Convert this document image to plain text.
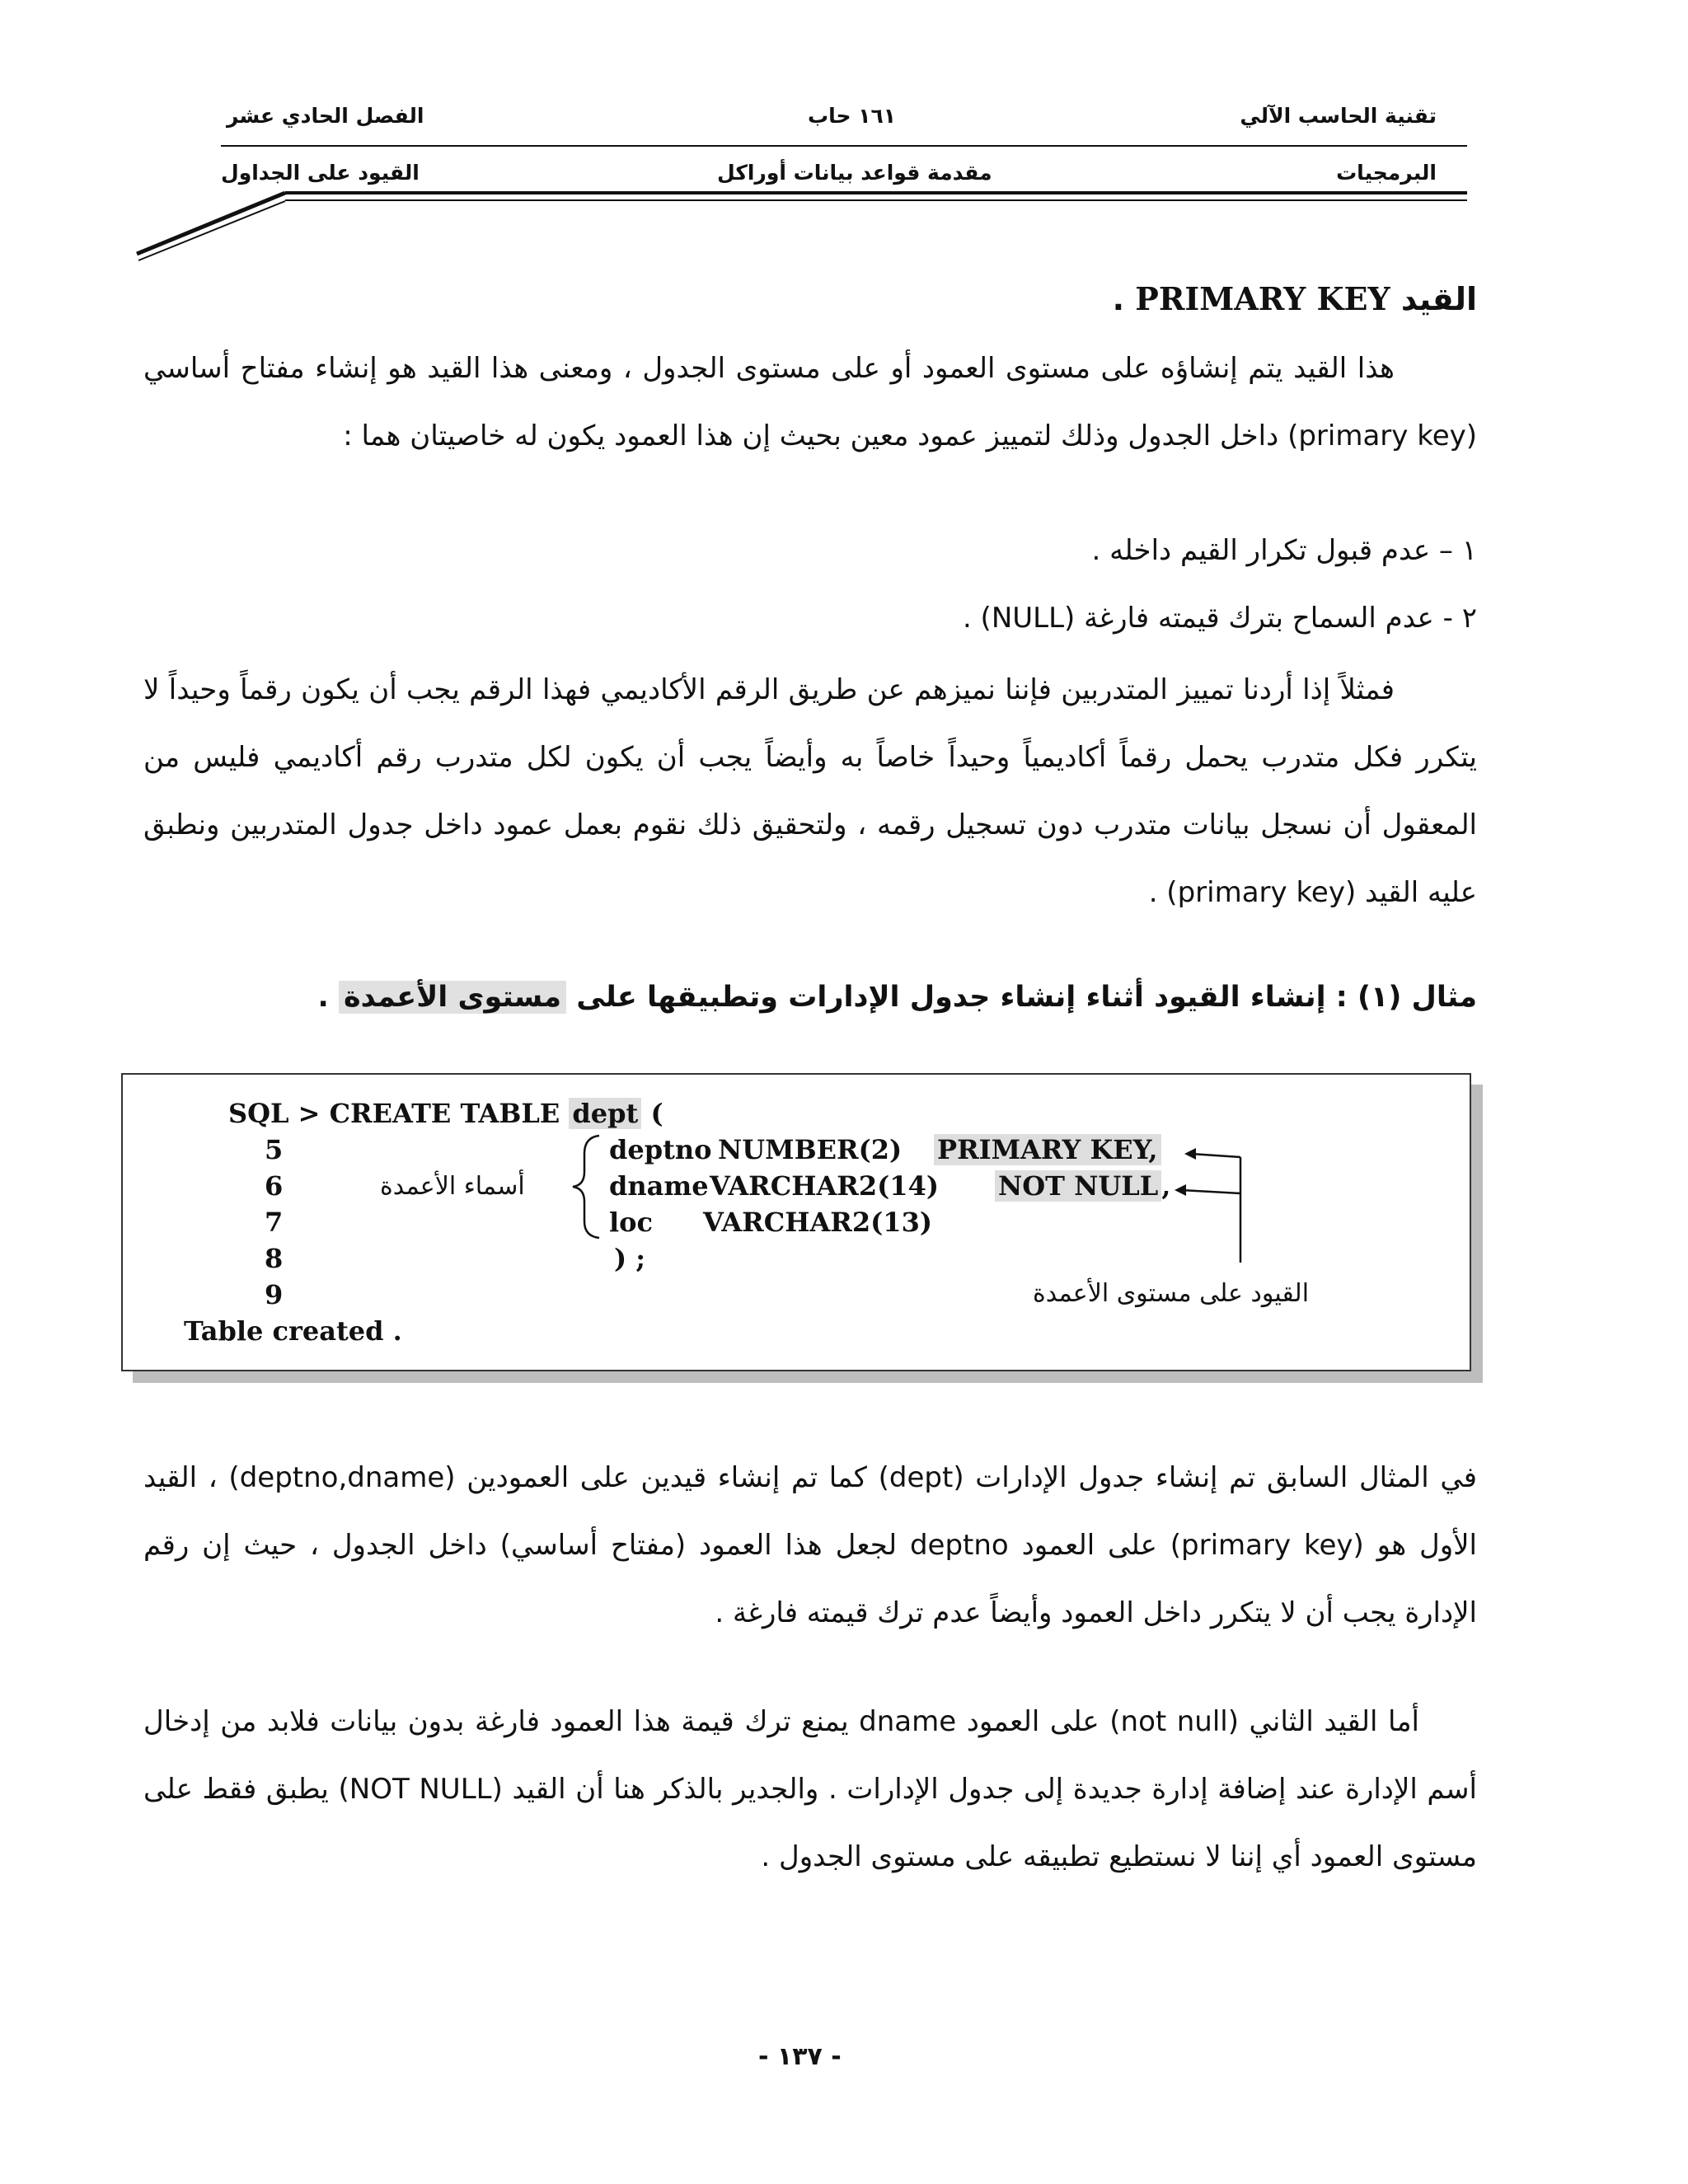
تقنية الحاسب الآلي
البرمجيات
١٦١ حاب
مقدمة قواعد بيانات أوراكل
الفصل الحادي عشر
القيود على الجداول
القيد PRIMARY KEY .
هذا القيد يتم إنشاؤه على مستوى العمود أو على مستوى الجدول ، ومعنى هذا القيد هو إنشاء مفتاح أساسي (primary key) داخل الجدول وذلك لتمييز عمود معين بحيث إن هذا العمود يكون له خاصيتان هما :
١ – عدم قبول تكرار القيم داخله .
٢ - عدم السماح بترك قيمته فارغة (NULL) .
فمثلاً إذا أردنا تمييز المتدربين فإننا نميزهم عن طريق الرقم الأكاديمي فهذا الرقم يجب أن يكون رقماً وحيداً لا يتكرر فكل متدرب يحمل رقماً أكاديمياً وحيداً خاصاً به وأيضاً يجب أن يكون لكل متدرب رقم أكاديمي فليس من المعقول أن نسجل بيانات متدرب دون تسجيل رقمه ، ولتحقيق ذلك نقوم بعمل عمود داخل جدول المتدربين ونطبق عليه القيد (primary key) .
مثال (١) : إنشاء القيود أثناء إنشاء جدول الإدارات وتطبيقها على مستوى الأعمدة .
SQL > CREATE TABLE dept (
5
6
7
8
9
deptno NUMBER(2) PRIMARY KEY,
dname VARCHAR2(14) NOT NULL ,
loc VARCHAR2(13)
) ;
Table created .
أسماء الأعمدة
القيود على مستوى الأعمدة
في المثال السابق تم إنشاء جدول الإدارات (dept) كما تم إنشاء قيدين على العمودين (deptno,dname) ، القيد الأول هو (primary key) على العمود deptno لجعل هذا العمود (مفتاح أساسي) داخل الجدول ، حيث إن رقم الإدارة يجب أن لا يتكرر داخل العمود وأيضاً عدم ترك قيمته فارغة .
أما القيد الثاني (not null) على العمود dname يمنع ترك قيمة هذا العمود فارغة بدون بيانات فلابد من إدخال أسم الإدارة عند إضافة إدارة جديدة إلى جدول الإدارات . والجدير بالذكر هنا أن القيد (NOT NULL) يطبق فقط على مستوى العمود أي إننا لا نستطيع تطبيقه على مستوى الجدول .
- ١٣٧ -
